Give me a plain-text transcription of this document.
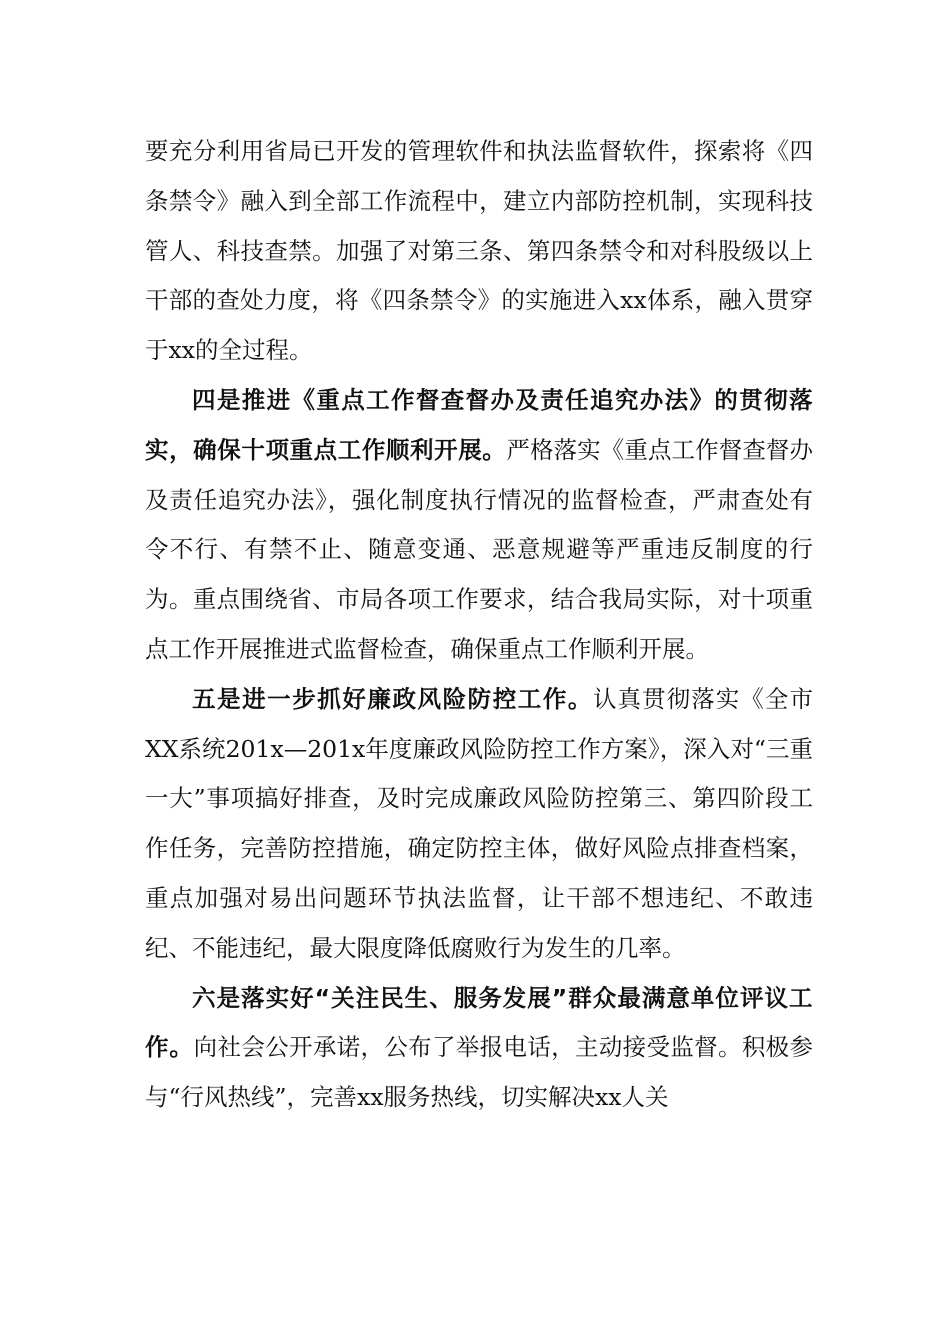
要充分利用省局已开发的管理软件和执法监督软件，探索将《四条禁令》融入到全部工作流程中，建立内部防控机制，实现科技管人、科技查禁。加强了对第三条、第四条禁令和对科股级以上干部的查处力度，将《四条禁令》的实施进入xx体系，融入贯穿于xx的全过程。

四是推进《重点工作督查督办及责任追究办法》的贯彻落实，确保十项重点工作顺利开展。严格落实《重点工作督查督办及责任追究办法》，强化制度执行情况的监督检查，严肃查处有令不行、有禁不止、随意变通、恶意规避等严重违反制度的行为。重点围绕省、市局各项工作要求，结合我局实际，对十项重点工作开展推进式监督检查，确保重点工作顺利开展。

五是进一步抓好廉政风险防控工作。认真贯彻落实《全市XX系统201x—201x年度廉政风险防控工作方案》，深入对“三重一大”事项搞好排查，及时完成廉政风险防控第三、第四阶段工作任务，完善防控措施，确定防控主体，做好风险点排查档案，重点加强对易出问题环节执法监督，让干部不想违纪、不敢违纪、不能违纪，最大限度降低腐败行为发生的几率。

六是落实好“关注民生、服务发展”群众最满意单位评议工作。向社会公开承诺，公布了举报电话，主动接受监督。积极参与“行风热线”，完善xx服务热线，切实解决xx人关
